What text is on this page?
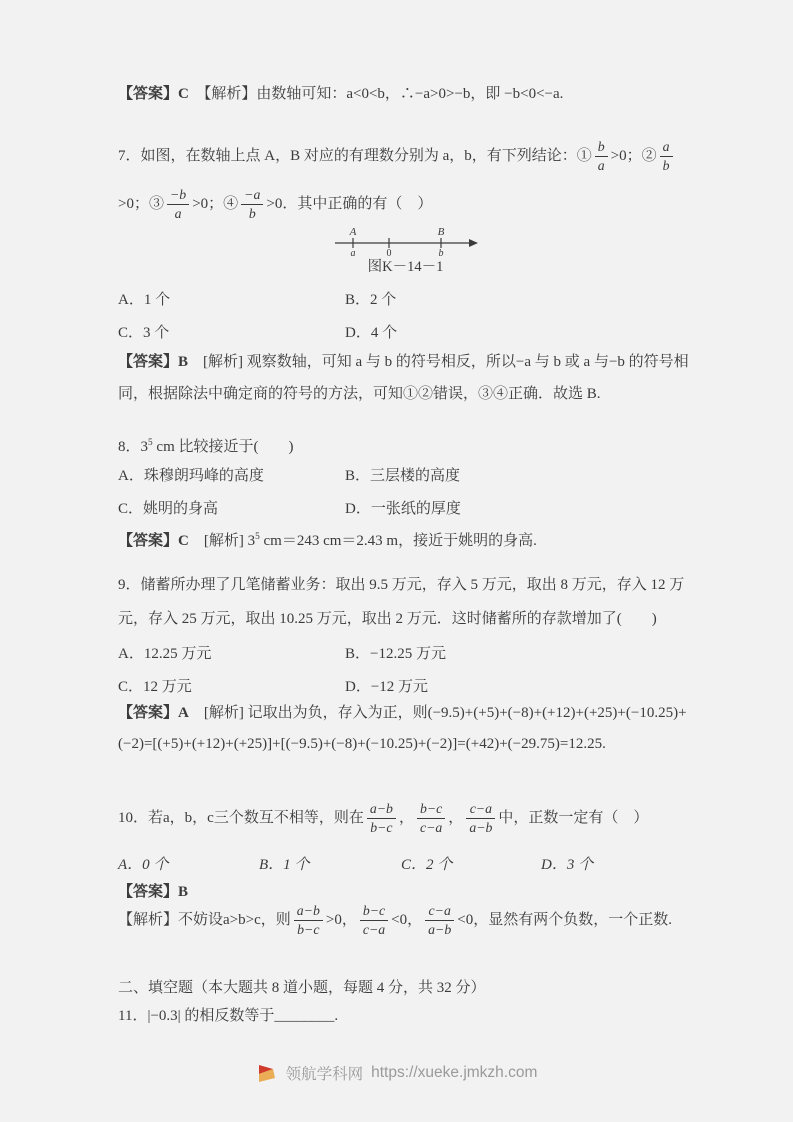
【答案】C　【解析】由数轴可知：a<0<b，∴−a>0>−b，即 −b<0<−a.

7．如图，在数轴上点 A，B 对应的有理数分别为 a，b，有下列结论：① $\frac{b}{a} >0$；② $\frac{a}{b}$
>0；③ $\frac{-b}{a} >0$；④ $\frac{-a}{b} >0$．其中正确的有（　）

A
a	0
B
b

图K－14－1

A．1 个	B．2 个
C．3 个	D．4 个

【答案】B　[解析] 观察数轴，可知 a 与 b 的符号相反，所以−a 与 b 或 a 与−b 的符号相同，根据除法中确定商的符号的方法，可知①②错误，③④正确．故选 B.

8．$3^5$ cm 比较接近于(　　)

A．珠穆朗玛峰的高度	B．三层楼的高度
C．姚明的身高	D．一张纸的厚度

【答案】C　[解析] $3^5$ cm＝243 cm＝2.43 m，接近于姚明的身高.

9．储蓄所办理了几笔储蓄业务：取出 9.5 万元，存入 5 万元，取出 8 万元，存入 12 万元，存入 25 万元，取出 10.25 万元，取出 2 万元．这时储蓄所的存款增加了(　　)

A．12.25 万元	B．−12.25 万元
C．12 万元	D．−12 万元

【答案】A　[解析] 记取出为负，存入为正，则(−9.5)+(+5)+(−8)+(+12)+(+25)+(−10.25)+(−2)=[(+5)+(+12)+(+25)]+[(−9.5)+(−8)+(−10.25)+(−2)]=(+42)+(−29.75)=12.25.

10．若a，b，c三个数互不相等，则在 $\frac{a-b}{b-c}$ ， $\frac{b-c}{c-a}$ ， $\frac{c-a}{a-b}$ 中，正数一定有（　）

A．0 个	B．1 个	C．2 个	D．3 个

【答案】B

【解析】不妨设a>b>c，则 $\frac{a-b}{b-c} >0$， $\frac{b-c}{c-a} <0$， $\frac{c-a}{a-b} <0$，显然有两个负数，一个正数.

二、填空题（本大题共 8 道小题，每题 4 分，共 32 分）

11．|−0.3| 的相反数等于________.

领航学科网 https://xueke.jmkzh.com
